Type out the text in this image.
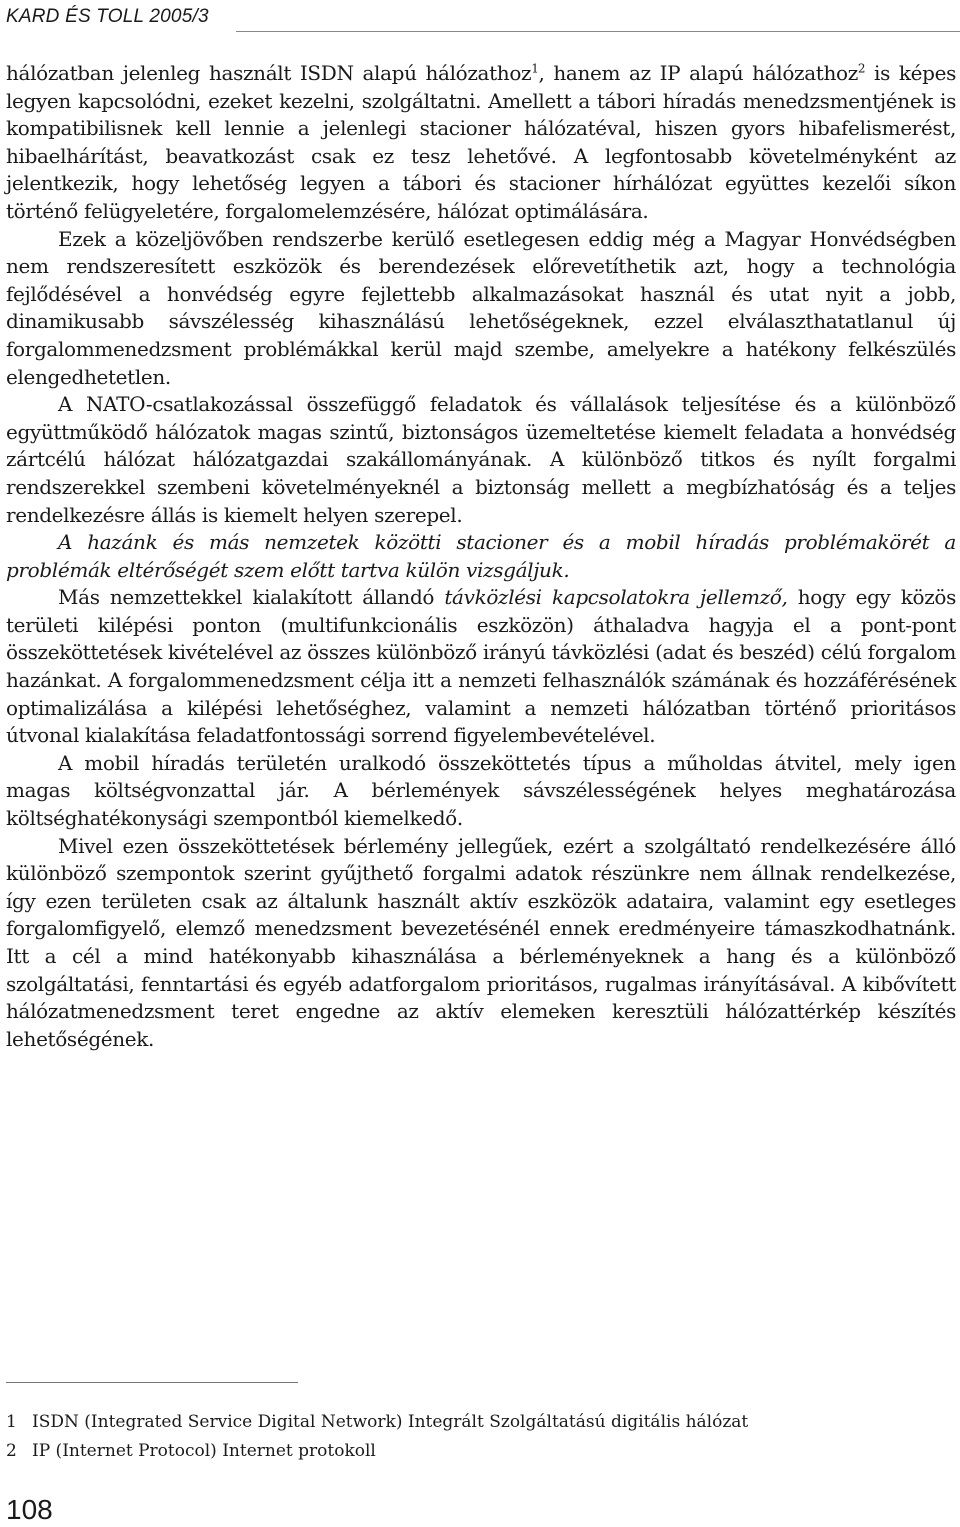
KARD ÉS TOLL 2005/3

hálózatban jelenleg használt ISDN alapú hálózathoz$^1$, hanem az IP alapú hálózathoz$^2$ is képes legyen kapcsolódni, ezeket kezelni, szolgáltatni. Amellett a tábori híradás menedzsmentjének is kompatibilisnek kell lennie a jelenlegi stacioner hálózatéval, hiszen gyors hibafelismerést, hibaelhárítást, beavatkozást csak ez tesz lehetővé. A legfontosabb követelményként az jelentkezik, hogy lehetőség legyen a tábori és stacioner hírhálózat együttes kezelői síkon történő felügyeletére, forgalomelemzésére, hálózat optimálására.

Ezek a közeljövőben rendszerbe kerülő esetlegesen eddig még a Magyar Honvédségben nem rendszeresített eszközök és berendezések előrevetíthetik azt, hogy a technológia fejlődésével a honvédség egyre fejlettebb alkalmazásokat használ és utat nyit a jobb, dinamikusabb sávszélesség kihasználású lehetőségeknek, ezzel elválaszthatatlanul új forgalommenedzsment problémákkal kerül majd szembe, amelyekre a hatékony felkészülés elengedhetetlen.

A NATO-csatlakozással összefüggő feladatok és vállalások teljesítése és a különböző együttműködő hálózatok magas szintű, biztonságos üzemeltetése kiemelt feladata a honvédség zártcélú hálózat hálózatgazdai szakállományának. A különböző titkos és nyílt forgalmi rendszerekkel szembeni követelményeknél a biztonság mellett a megbízhatóság és a teljes rendelkezésre állás is kiemelt helyen szerepel.

A hazánk és más nemzetek közötti stacioner és a mobil híradás problémakörét a problémák eltérőségét szem előtt tartva külön vizsgáljuk.

Más nemzettekkel kialakított állandó távközlési kapcsolatokra jellemző, hogy egy közös területi kilépési ponton (multifunkcionális eszközön) áthaladva hagyja el a pont-pont összeköttetések kivételével az összes különböző irányú távközlési (adat és beszéd) célú forgalom hazánkat. A forgalommenedzsment célja itt a nemzeti felhasználók számának és hozzáférésének optimalizálása a kilépési lehetőséghez, valamint a nemzeti hálózatban történő prioritásos útvonal kialakítása feladatfontossági sorrend figyelembevételével.

A mobil híradás területén uralkodó összeköttetés típus a műholdas átvitel, mely igen magas költségvonzattal jár. A bérlemények sávszélességének helyes meghatározása költséghatékonysági szempontból kiemelkedő.

Mivel ezen összeköttetések bérlemény jellegűek, ezért a szolgáltató rendelkezésére álló különböző szempontok szerint gyűjthető forgalmi adatok részünkre nem állnak rendelkezése, így ezen területen csak az általunk használt aktív eszközök adataira, valamint egy esetleges forgalomfigyelő, elemző menedzsment bevezetésénél ennek eredményeire támaszkodhatnánk. Itt a cél a mind hatékonyabb kihasználása a bérleményeknek a hang és a különböző szolgáltatási, fenntartási és egyéb adatforgalom prioritásos, rugalmas irányításával. A kibővített hálózatmenedzsment teret engedne az aktív elemeken keresztüli hálózattérkép készítés lehetőségének.

1 ISDN (Integrated Service Digital Network) Integrált Szolgáltatású digitális hálózat
2 IP (Internet Protocol) Internet protokoll
108
